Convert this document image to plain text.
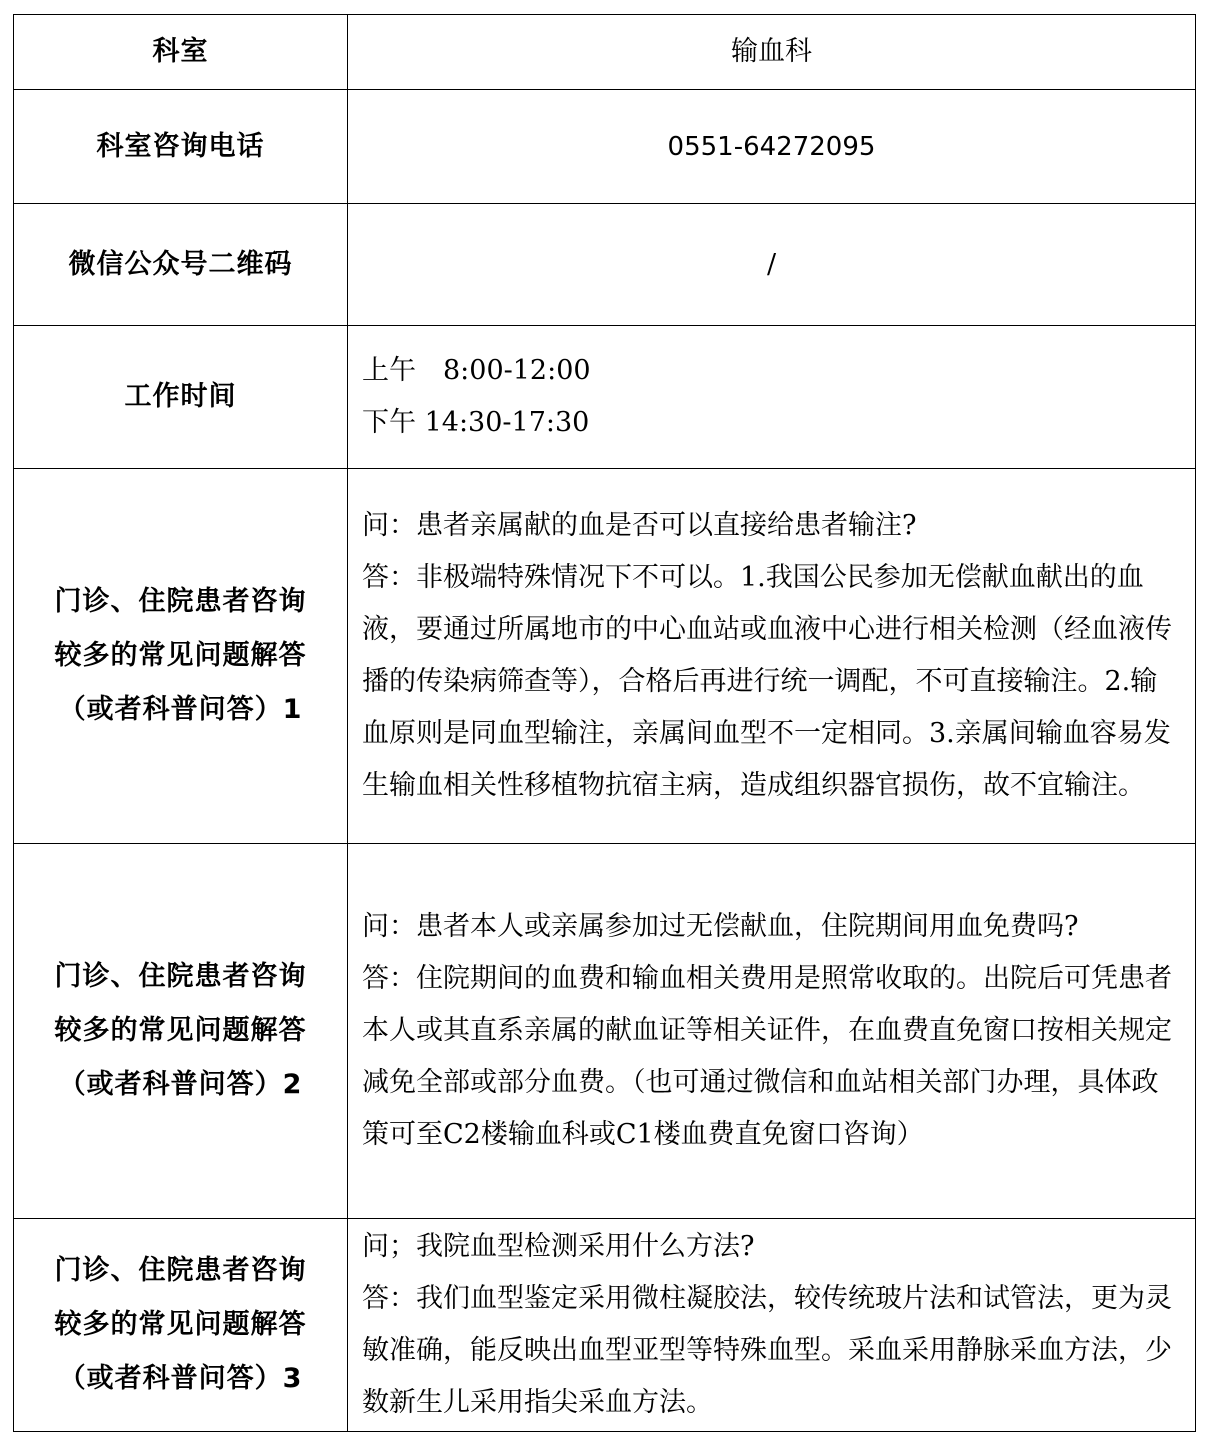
科室	输血科
科室咨询电话	0551-64272095
微信公众号二维码	/
工作时间	上午　8:00-12:00
下午 14:30-17:30

门诊、住院患者咨询
较多的常见问题解答
（或者科普问答）1	问：患者亲属献的血是否可以直接给患者输注?
答：非极端特殊情况下不可以。1.我国公民参加无偿献血献出的血液，要通过所属地市的中心血站或血液中心进行相关检测（经血液传播的传染病筛查等），合格后再进行统一调配，不可直接输注。2.输血原则是同血型输注，亲属间血型不一定相同。3.亲属间输血容易发生输血相关性移植物抗宿主病，造成组织器官损伤，故不宜输注。

门诊、住院患者咨询
较多的常见问题解答
（或者科普问答）2	问：患者本人或亲属参加过无偿献血，住院期间用血免费吗?
答：住院期间的血费和输血相关费用是照常收取的。出院后可凭患者本人或其直系亲属的献血证等相关证件，在血费直免窗口按相关规定减免全部或部分血费。（也可通过微信和血站相关部门办理，具体政策可至C2楼输血科或C1楼血费直免窗口咨询）

门诊、住院患者咨询
较多的常见问题解答
（或者科普问答）3	问；我院血型检测采用什么方法?
答：我们血型鉴定采用微柱凝胶法，较传统玻片法和试管法，更为灵敏准确，能反映出血型亚型等特殊血型。采血采用静脉采血方法，少数新生儿采用指尖采血方法。
